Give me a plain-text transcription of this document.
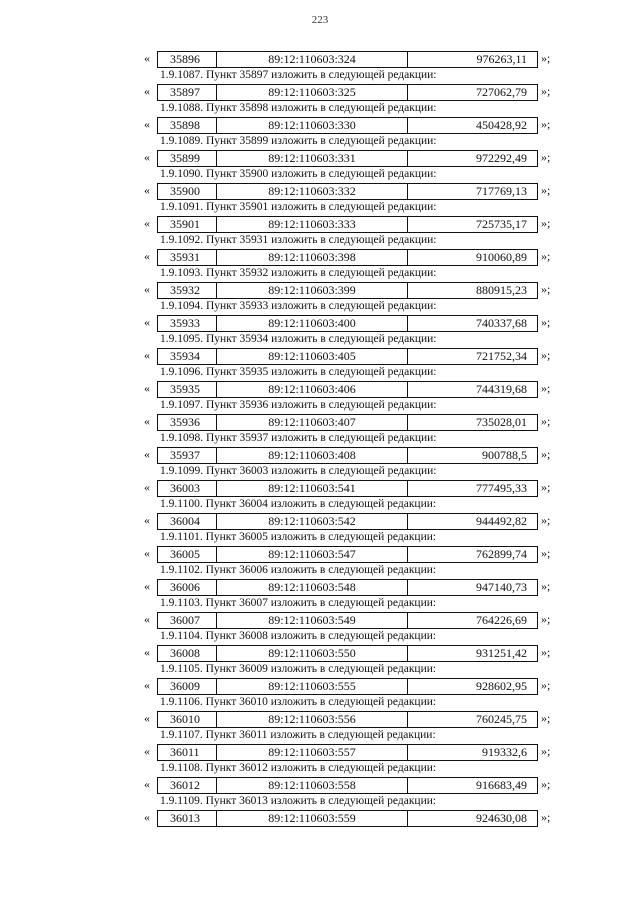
223
«	35896	89:12:110603:324	976263,11	»;
1.9.1087. Пункт 35897 изложить в следующей редакции:
«	35897	89:12:110603:325	727062,79	»;
1.9.1088. Пункт 35898 изложить в следующей редакции:
«	35898	89:12:110603:330	450428,92	»;
1.9.1089. Пункт 35899 изложить в следующей редакции:
«	35899	89:12:110603:331	972292,49	»;
1.9.1090. Пункт 35900 изложить в следующей редакции:
«	35900	89:12:110603:332	717769,13	»;
1.9.1091. Пункт 35901 изложить в следующей редакции:
«	35901	89:12:110603:333	725735,17	»;
1.9.1092. Пункт 35931 изложить в следующей редакции:
«	35931	89:12:110603:398	910060,89	»;
1.9.1093. Пункт 35932 изложить в следующей редакции:
«	35932	89:12:110603:399	880915,23	»;
1.9.1094. Пункт 35933 изложить в следующей редакции:
«	35933	89:12:110603:400	740337,68	»;
1.9.1095. Пункт 35934 изложить в следующей редакции:
«	35934	89:12:110603:405	721752,34	»;
1.9.1096. Пункт 35935 изложить в следующей редакции:
«	35935	89:12:110603:406	744319,68	»;
1.9.1097. Пункт 35936 изложить в следующей редакции:
«	35936	89:12:110603:407	735028,01	»;
1.9.1098. Пункт 35937 изложить в следующей редакции:
«	35937	89:12:110603:408	900788,5	»;
1.9.1099. Пункт 36003 изложить в следующей редакции:
«	36003	89:12:110603:541	777495,33	»;
1.9.1100. Пункт 36004 изложить в следующей редакции:
«	36004	89:12:110603:542	944492,82	»;
1.9.1101. Пункт 36005 изложить в следующей редакции:
«	36005	89:12:110603:547	762899,74	»;
1.9.1102. Пункт 36006 изложить в следующей редакции:
«	36006	89:12:110603:548	947140,73	»;
1.9.1103. Пункт 36007 изложить в следующей редакции:
«	36007	89:12:110603:549	764226,69	»;
1.9.1104. Пункт 36008 изложить в следующей редакции:
«	36008	89:12:110603:550	931251,42	»;
1.9.1105. Пункт 36009 изложить в следующей редакции:
«	36009	89:12:110603:555	928602,95	»;
1.9.1106. Пункт 36010 изложить в следующей редакции:
«	36010	89:12:110603:556	760245,75	»;
1.9.1107. Пункт 36011 изложить в следующей редакции:
«	36011	89:12:110603:557	919332,6	»;
1.9.1108. Пункт 36012 изложить в следующей редакции:
«	36012	89:12:110603:558	916683,49	»;
1.9.1109. Пункт 36013 изложить в следующей редакции:
«	36013	89:12:110603:559	924630,08	»;
